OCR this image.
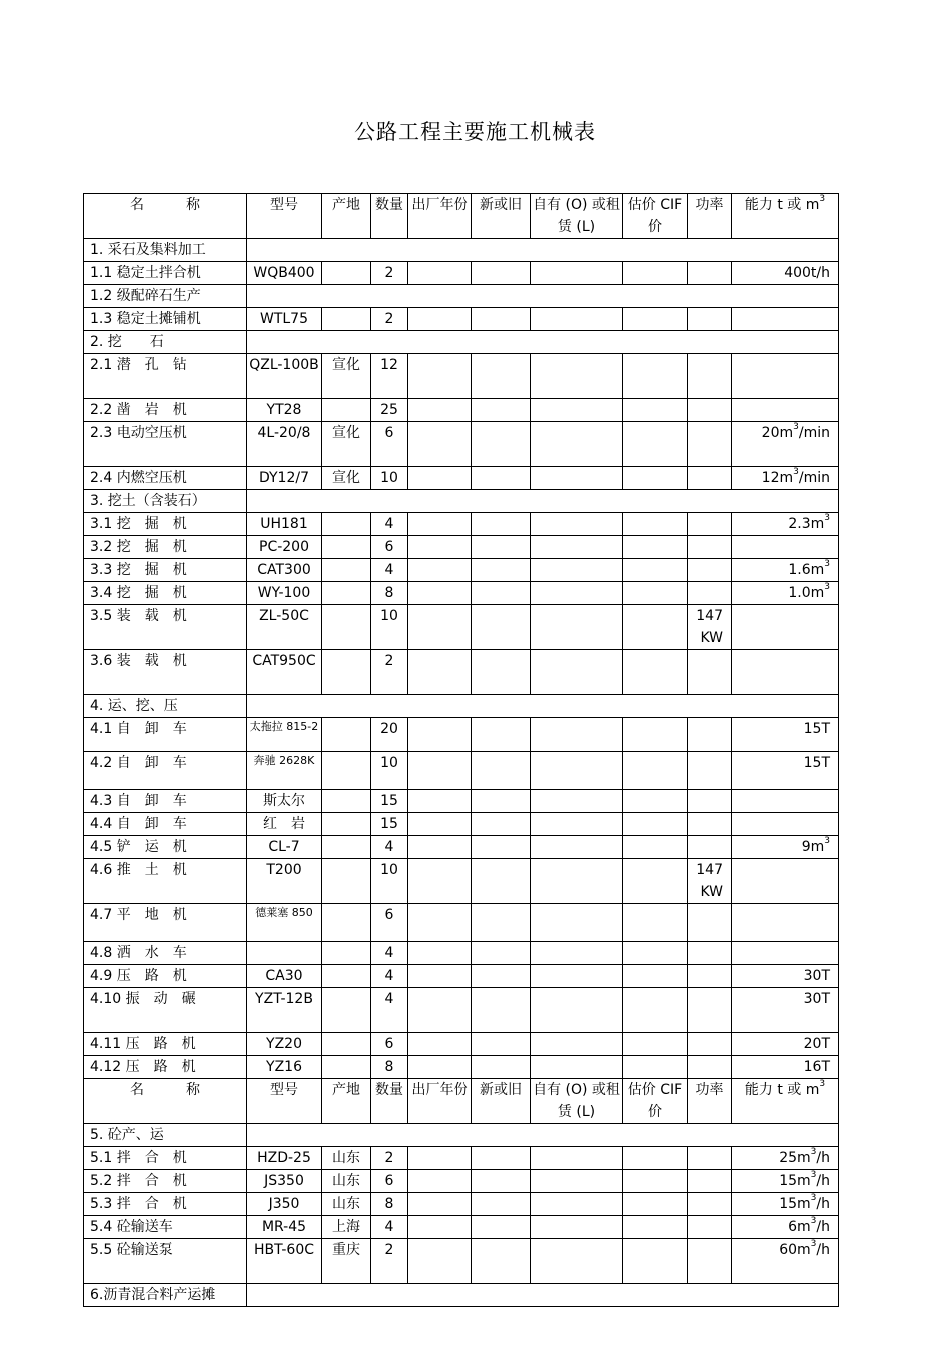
公路工程主要施工机械表
名　　　称	型号	产地	数量	出厂年份	新或旧	自有 (O) 或租赁 (L)	估价 CIF 价	功率	能力 t 或 $m^3$
1. 采石及集料加工									
1.1 稳定土拌合机	WQB400		2						400t/h
1.2 级配碎石生产									
1.3 稳定土摊铺机	WTL75		2						
2. 挖　　石									
2.1 潜　孔　钻	QZL-100B	宣化	12						
2.2 凿　岩　机	YT28		25						
2.3 电动空压机	4L-20/8	宣化	6						$20m^3/\min$
2.4 内燃空压机	DY12/7	宣化	10						$12m^3/\min$
3. 挖土（含装石）									
3.1 挖　掘　机	UH181		4						$2.3m^3$
3.2 挖　掘　机	PC-200		6						
3.3 挖　掘　机	CAT300		4						$1.6m^3$
3.4 挖　掘　机	WY-100		8						$1.0m^3$
3.5 装　载　机	ZL-50C		10					147KW	
3.6 装　载　机	CAT950C		2						
4. 运、挖、压									
4.1 自　卸　车	太拖拉 815-2		20						15T
4.2 自　卸　车	奔驰 2628K		10						15T
4.3 自　卸　车	斯太尔		15						
4.4 自　卸　车	红　岩		15						
4.5 铲　运　机	CL-7		4						$9m^3$
4.6 推　土　机	T200		10					147KW	
4.7 平　地　机	德莱塞 850		6						
4.8 洒　水　车			4						
4.9 压　路　机	CA30		4						30T
4.10 振　动　碾	YZT-12B		4						30T
4.11 压　路　机	YZ20		6						20T
4.12 压　路　机	YZ16		8						16T
名　　　称	型号	产地	数量	出厂年份	新或旧	自有 (O) 或租赁 (L)	估价 CIF 价	功率	能力 t 或 $m^3$
5. 砼产、运									
5.1 拌　合　机	HZD-25	山东	2						$25m^3/h$
5.2 拌　合　机	JS350	山东	6						$15m^3/h$
5.3 拌　合　机	J350	山东	8						$15m^3/h$
5.4 砼输送车	MR-45	上海	4						$6m^3/h$
5.5 砼输送泵	HBT-60C	重庆	2						$60m^3/h$
6.沥青混合料产运摊									
